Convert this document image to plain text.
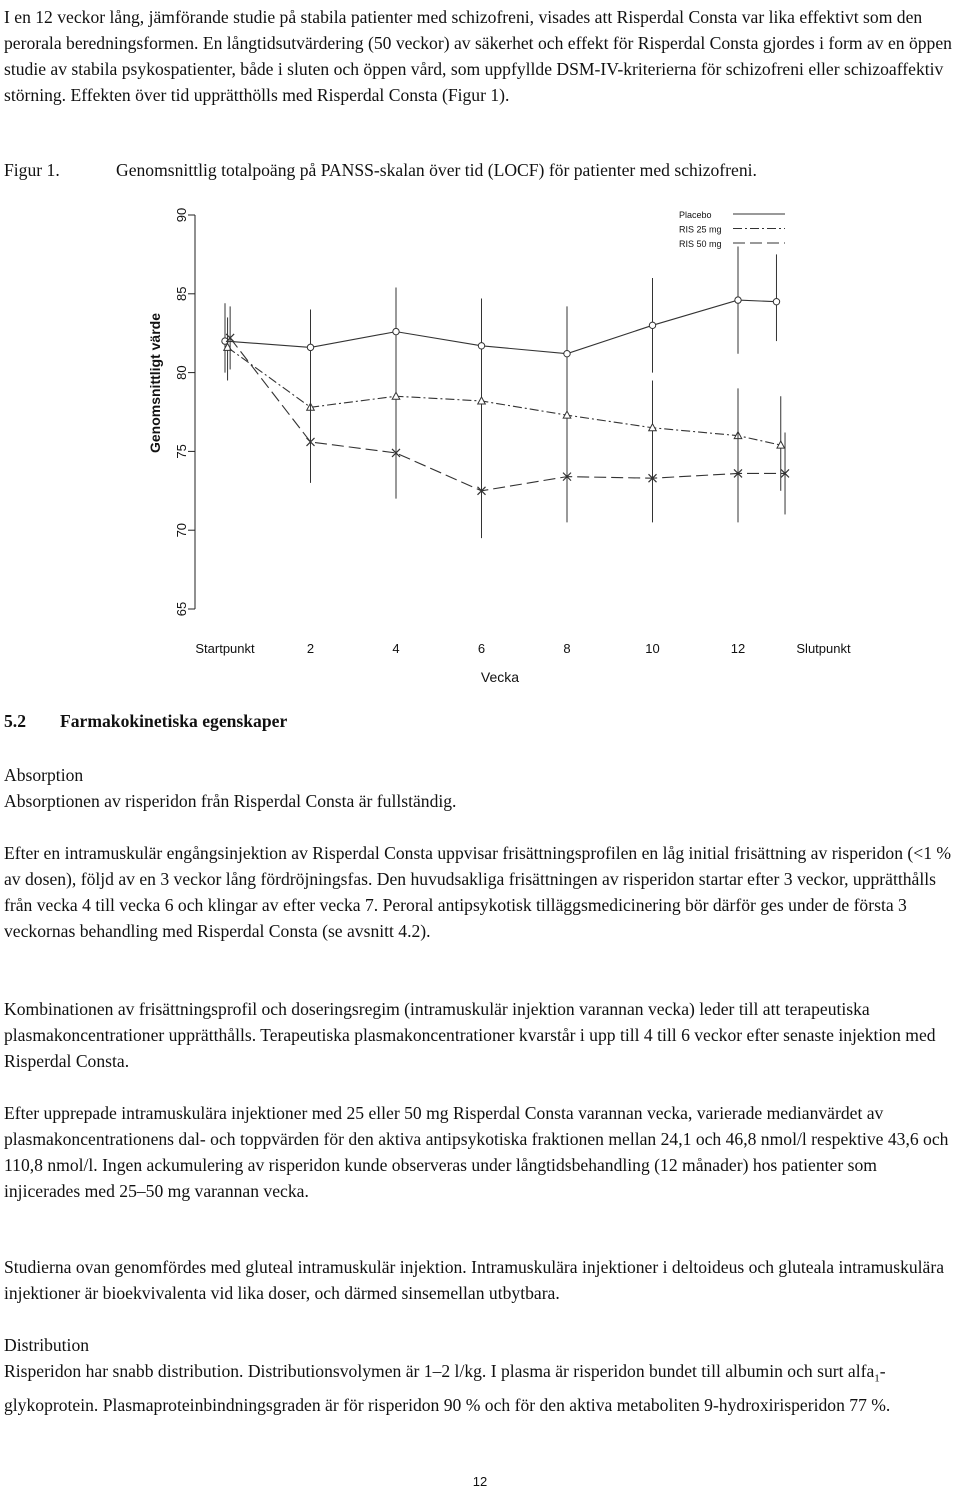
I en 12 veckor lång, jämförande studie på stabila patienter med schizofreni, visades att Risperdal Consta var lika effektivt som den perorala beredningsformen. En långtidsutvärdering (50 veckor) av säkerhet och effekt för Risperdal Consta gjordes i form av en öppen studie av stabila psykospatienter, både i sluten och öppen vård, som uppfyllde DSM-IV-kriterierna för schizofreni eller schizoaffektiv störning. Effekten över tid upprätthölls med Risperdal Consta (Figur 1).

Figur 1.	Genomsnittlig totalpoäng på PANSS-skalan över tid (LOCF) för patienter med schizofreni.
65
70
75
80
85
90
Startpunkt	2	4	6	8	10	12	Slutpunkt
Placebo
RIS 25 mg
RIS 50 mg
Genomsnittligt värde
Vecka
5.2 Farmakokinetiska egenskaper
Absorption

Absorptionen av risperidon från Risperdal Consta är fullständig.

Efter en intramuskulär engångsinjektion av Risperdal Consta uppvisar frisättningsprofilen en låg initial frisättning av risperidon (<1 % av dosen), följd av en 3 veckor lång fördröjningsfas. Den huvudsakliga frisättningen av risperidon startar efter 3 veckor, upprätthålls från vecka 4 till vecka 6 och klingar av efter vecka 7. Peroral antipsykotisk tilläggsmedicinering bör därför ges under de första 3 veckornas behandling med Risperdal Consta (se avsnitt 4.2).

Kombinationen av frisättningsprofil och doseringsregim (intramuskulär injektion varannan vecka) leder till att terapeutiska plasmakoncentrationer upprätthålls. Terapeutiska plasmakoncentrationer kvarstår i upp till 4 till 6 veckor efter senaste injektion med Risperdal Consta.

Efter upprepade intramuskulära injektioner med 25 eller 50 mg Risperdal Consta varannan vecka, varierade medianvärdet av plasmakoncentrationens dal- och toppvärden för den aktiva antipsykotiska fraktionen mellan 24,1 och 46,8 nmol/l respektive 43,6 och 110,8 nmol/l. Ingen ackumulering av risperidon kunde observeras under långtidsbehandling (12 månader) hos patienter som injicerades med 25–50 mg varannan vecka.

Studierna ovan genomfördes med gluteal intramuskulär injektion. Intramuskulära injektioner i deltoideus och gluteala intramuskulära injektioner är bioekvivalenta vid lika doser, och därmed sinsemellan utbytbara.

Distribution

Risperidon har snabb distribution. Distributionsvolymen är 1–2 l/kg. I plasma är risperidon bundet till albumin och surt alfa$_1$-glykoprotein. Plasmaproteinbindningsgraden är för risperidon 90 % och för den aktiva metaboliten 9-hydroxirisperidon 77 %.

12
